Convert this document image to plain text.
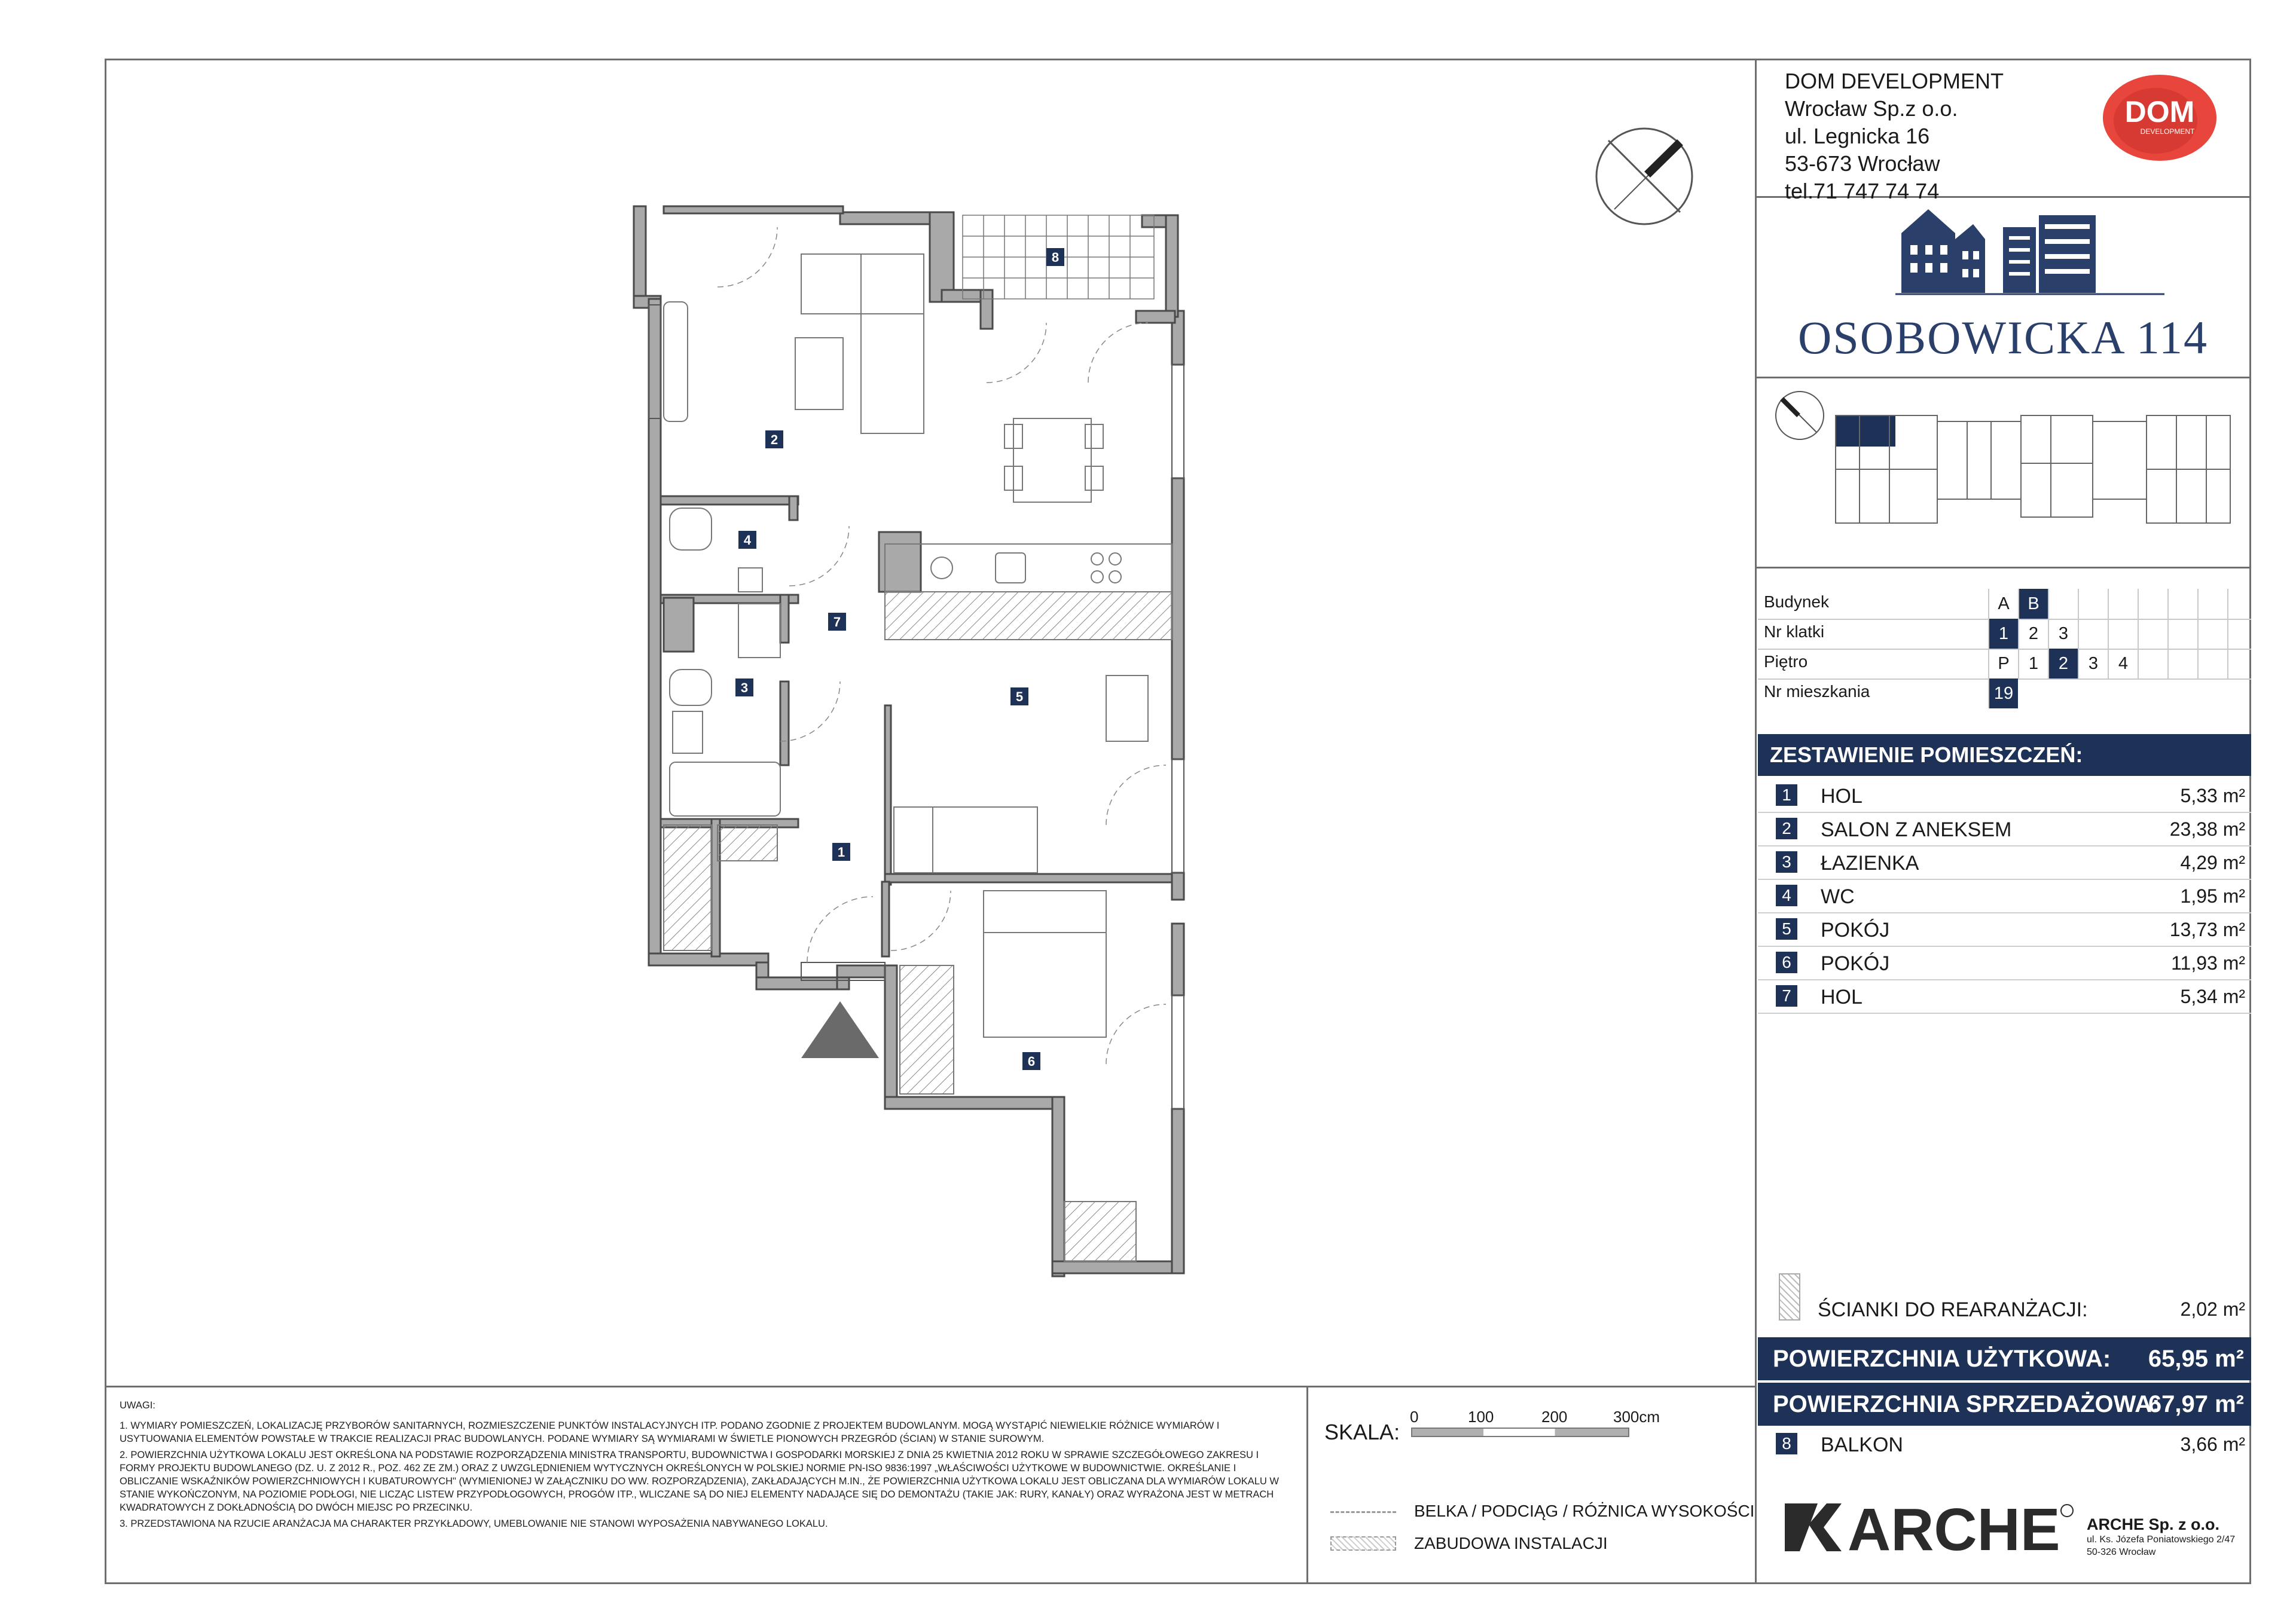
1
2
3
4
5
6
7
8
DOM DEVELOPMENT
Wrocław Sp.z o.o.
ul. Legnicka 16
53-673 Wrocław
tel.71 747 74 74
DOM
DEVELOPMENT
OSOBOWICKA 114
Budynek	A	B
Nr klatki	1	2	3
Piętro	P	1	2	3	4
Nr mieszkania	19
ZESTAWIENIE POMIESZCZEŃ:
1	HOL	5,33 m²
2	SALON Z ANEKSEM	23,38 m²
3	ŁAZIENKA	4,29 m²
4	WC	1,95 m²
5	POKÓJ	13,73 m²
6	POKÓJ	11,93 m²
7	HOL	5,34 m²
ŚCIANKI DO REARANŻACJI:	2,02 m²
POWIERZCHNIA UŻYTKOWA: 65,95 m²
POWIERZCHNIA SPRZEDAŻOWA:
67,97 m²
8	BALKON	3,66 m²

UWAGI:

1. WYMIARY POMIESZCZEŃ, LOKALIZACJĘ PRZYBORÓW SANITARNYCH, ROZMIESZCZENIE PUNKTÓW INSTALACYJNYCH ITP. PODANO ZGODNIE Z PROJEKTEM BUDOWLANYM. MOGĄ WYSTĄPIĆ NIEWIELKIE RÓŻNICE WYMIARÓW I USYTUOWANIA ELEMENTÓW POWSTAŁE W TRAKCIE REALIZACJI PRAC BUDOWLANYCH. PODANE WYMIARY SĄ WYMIARAMI W ŚWIETLE PIONOWYCH PRZEGRÓD (ŚCIAN) W STANIE SUROWYM.

2. POWIERZCHNIA UŻYTKOWA LOKALU JEST OKREŚLONA NA PODSTAWIE ROZPORZĄDZENIA MINISTRA TRANSPORTU, BUDOWNICTWA I GOSPODARKI MORSKIEJ Z DNIA 25 KWIETNIA 2012 ROKU W SPRAWIE SZCZEGÓŁOWEGO ZAKRESU I FORMY PROJEKTU BUDOWLANEGO (DZ. U. Z 2012 R., POZ. 462 ZE ZM.) ORAZ Z UWZGLĘDNIENIEM WYTYCZNYCH OKREŚLONYCH W POLSKIEJ NORMIE PN-ISO 9836:1997 „WŁAŚCIWOŚCI UŻYTKOWE W BUDOWNICTWIE. OKREŚLANIE I OBLICZANIE WSKAŹNIKÓW POWIERZCHNIOWYCH I KUBATUROWYCH" (WYMIENIONEJ W ZAŁĄCZNIKU DO WW. ROZPORZĄDZENIA), ZAKŁADAJĄCYCH M.IN., ŻE POWIERZCHNIA UŻYTKOWA LOKALU JEST OBLICZANA DLA WYMIARÓW LOKALU W STANIE WYKOŃCZONYM, NA POZIOMIE PODŁOGI, NIE LICZĄC LISTEW PRZYPODŁOGOWYCH, PROGÓW ITP., WLICZANE SĄ DO NIEJ ELEMENTY NADAJĄCE SIĘ DO DEMONTAŻU (TAKIE JAK: RURY, KANAŁY) ORAZ WYRAŻONA JEST W METRACH KWADRATOWYCH Z DOKŁADNOŚCIĄ DO DWÓCH MIEJSC PO PRZECINKU.

3. PRZEDSTAWIONA NA RZUCIE ARANŻACJA MA CHARAKTER PRZYKŁADOWY, UMEBLOWANIE NIE STANOWI WYPOSAŻENIA NABYWANEGO LOKALU.

SKALA:
0	100	200	300cm
BELKA / PODCIĄG / RÓŻNICA WYSOKOŚCI
ZABUDOWA INSTALACJI	ARCHE ARCHE Sp. z o.o.
ul. Ks. Józefa Poniatowskiego 2/47
50-326 Wrocław
